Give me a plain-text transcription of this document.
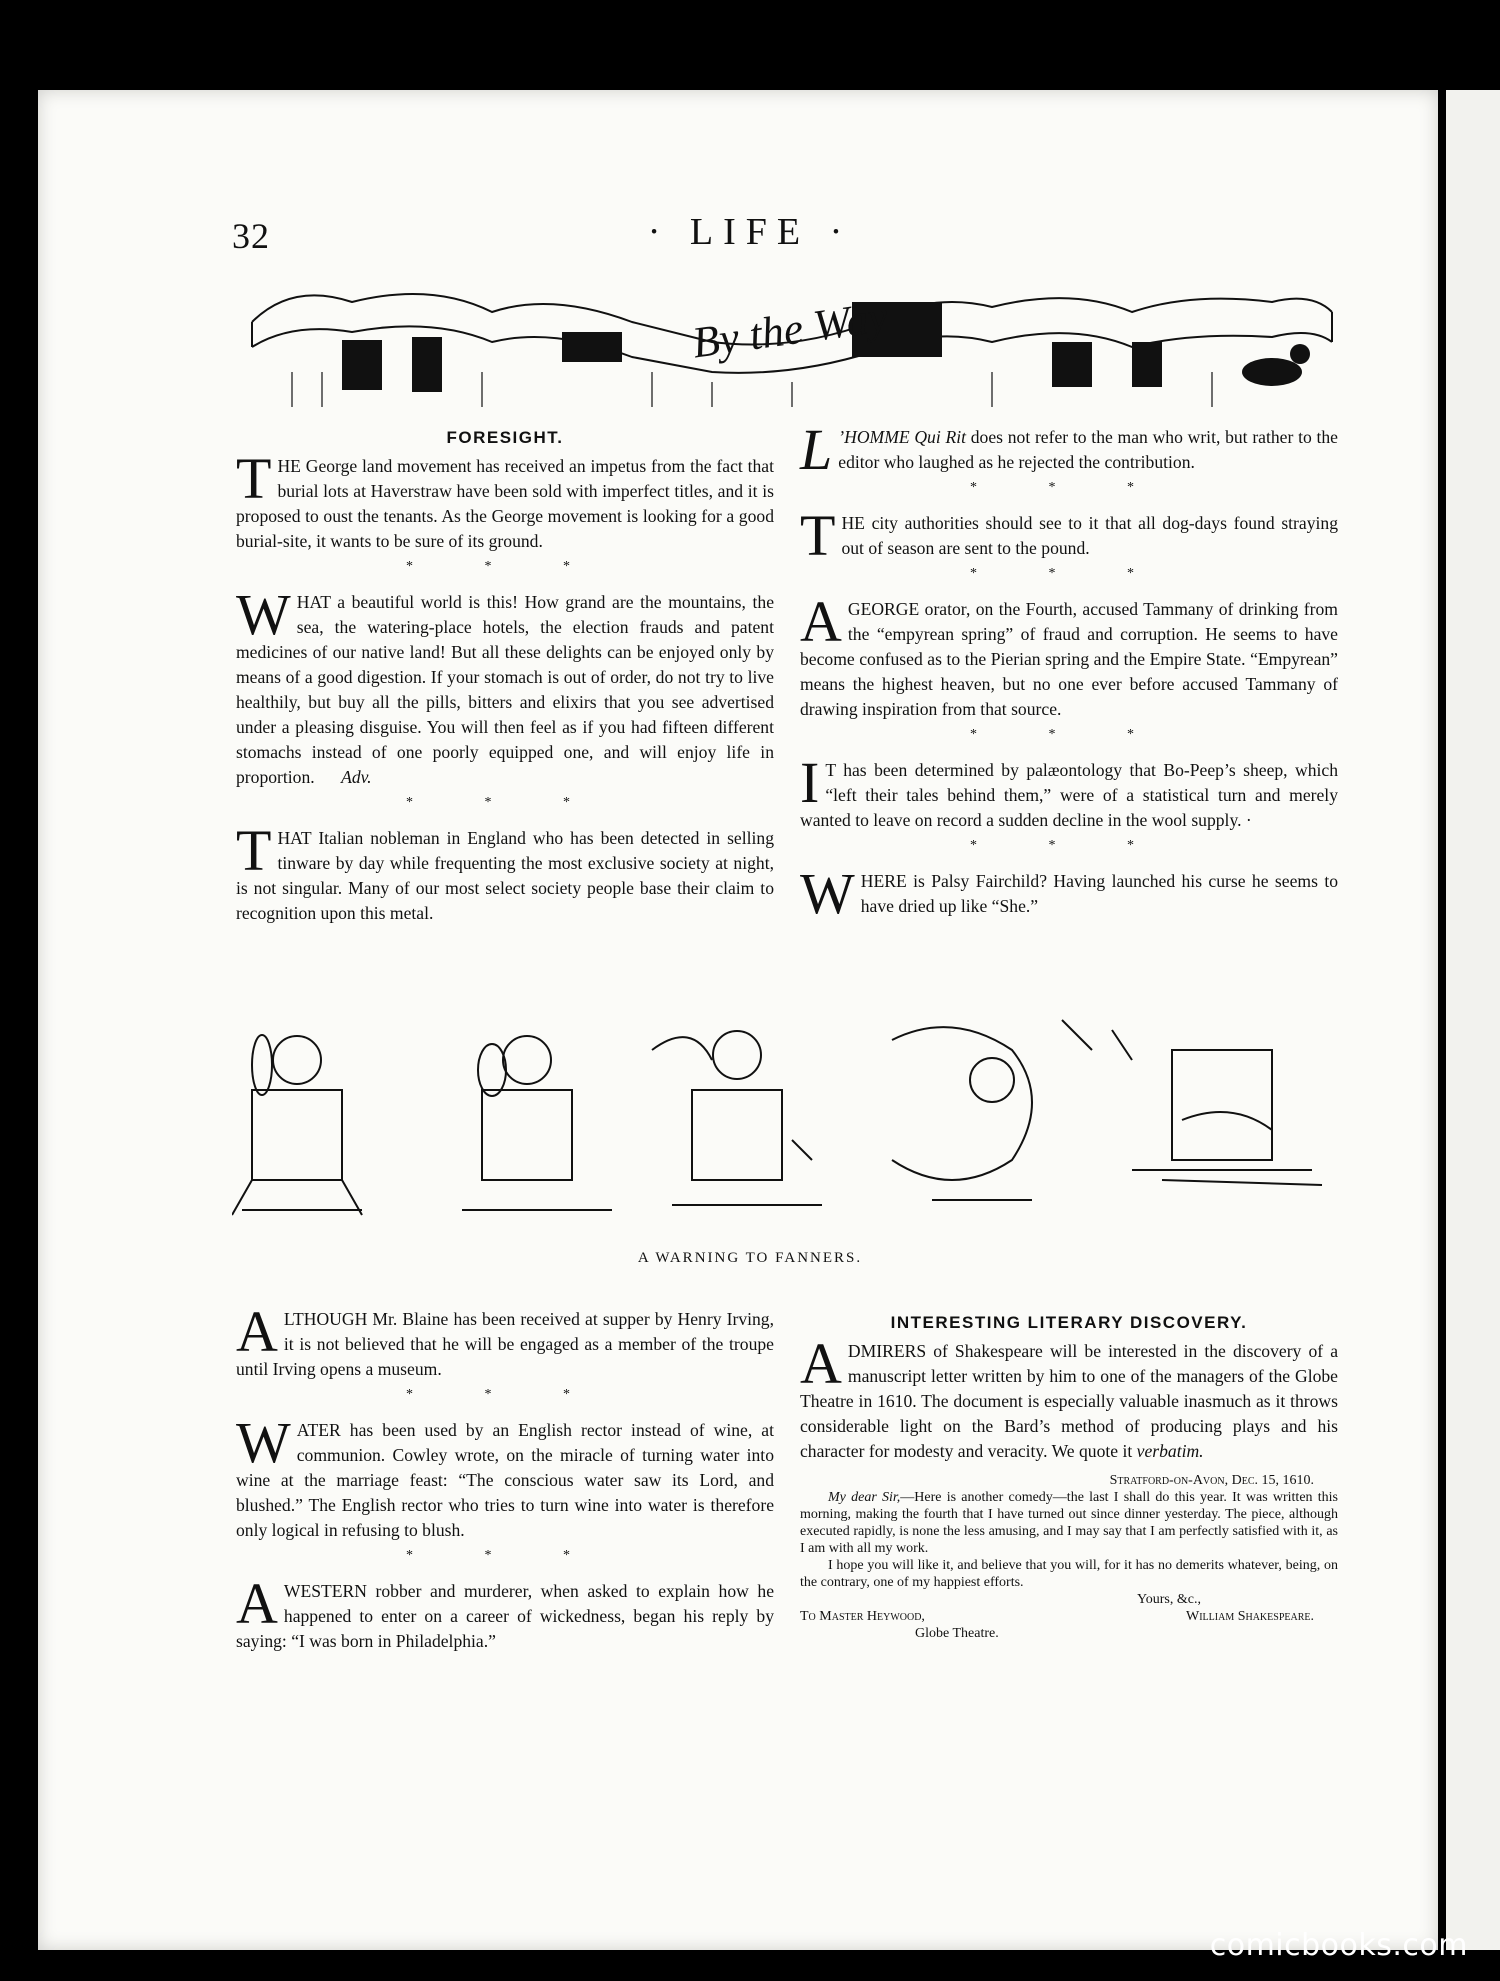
32	· LIFE ·
By the Way
FORESIGHT.

THE George land movement has received an impetus from the fact that burial lots at Haverstraw have been sold with imperfect titles, and it is proposed to oust the tenants. As the George movement is looking for a good burial-site, it wants to be sure of its ground.

* * *

WHAT a beautiful world is this! How grand are the mountains, the sea, the watering-place hotels, the election frauds and patent medicines of our native land! But all these delights can be enjoyed only by means of a good digestion. If your stomach is out of order, do not try to live healthily, but buy all the pills, bitters and elixirs that you see advertised under a pleasing disguise. You will then feel as if you had fifteen different stomachs instead of one poorly equipped one, and will enjoy life in proportion. Adv.

* * *

THAT Italian nobleman in England who has been detected in selling tinware by day while frequenting the most exclusive society at night, is not singular. Many of our most select society people base their claim to recognition upon this metal.

L ’HOMME Qui Rit does not refer to the man who writ, but rather to the editor who laughed as he rejected the contribution.

* * *

THE city authorities should see to it that all dog-days found straying out of season are sent to the pound.

* * *

A GEORGE orator, on the Fourth, accused Tammany of drinking from the “empyrean spring” of fraud and corruption. He seems to have become confused as to the Pierian spring and the Empire State. “Empyrean” means the highest heaven, but no one ever before accused Tammany of drawing inspiration from that source.

* * *

I T has been determined by palæontology that Bo-Peep’s sheep, which “left their tales behind them,” were of a statistical turn and merely wanted to leave on record a sudden decline in the wool supply. ·

* * *

WHERE is Palsy Fairchild? Having launched his curse he seems to have dried up like “She.”

A WARNING TO FANNERS.

ALTHOUGH Mr. Blaine has been received at supper by Henry Irving, it is not believed that he will be engaged as a member of the troupe until Irving opens a museum.

* * *

WATER has been used by an English rector instead of wine, at communion. Cowley wrote, on the miracle of turning water into wine at the marriage feast: “The conscious water saw its Lord, and blushed.” The English rector who tries to turn wine into water is therefore only logical in refusing to blush.

* * *

A WESTERN robber and murderer, when asked to explain how he happened to enter on a career of wickedness, began his reply by saying: “I was born in Philadelphia.”

INTERESTING LITERARY DISCOVERY.

ADMIRERS of Shakespeare will be interested in the discovery of a manuscript letter written by him to one of the managers of the Globe Theatre in 1610. The document is especially valuable inasmuch as it throws considerable light on the Bard’s method of producing plays and his character for modesty and veracity. We quote it verbatim.

Stratford-on-Avon, Dec. 15, 1610.

My dear Sir,—Here is another comedy—the last I shall do this year. It was written this morning, making the fourth that I have turned out since dinner yesterday. The piece, although executed rapidly, is none the less amusing, and I may say that I am perfectly satisfied with it, as I am with all my work.

I hope you will like it, and believe that you will, for it has no demerits whatever, being, on the contrary, one of my happiest efforts.

Yours, &c.,
To Master Heywood,	William Shakespeare.
Globe Theatre.
comicbooks.com
